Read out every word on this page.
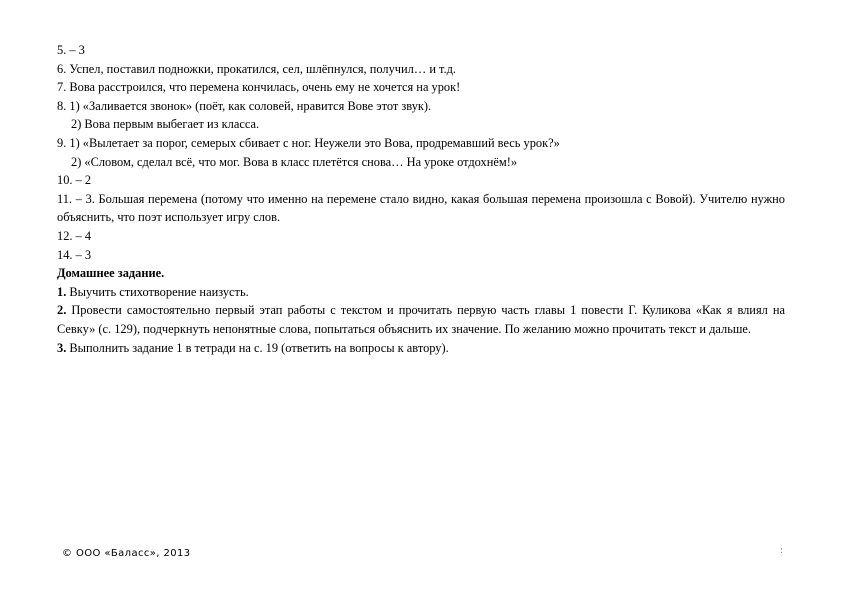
5. – 3
6. Успел, поставил подножки, прокатился, сел, шлёпнулся, получил… и т.д.
7. Вова расстроился, что перемена кончилась, очень ему не хочется на урок!
8. 1) «Заливается звонок» (поёт, как соловей, нравится Вове этот звук).
2) Вова первым выбегает из класса.
9. 1) «Вылетает за порог, семерых сбивает с ног. Неужели это Вова, продремавший весь урок?»
2) «Словом, сделал всё, что мог. Вова в класс плетётся снова… На уроке отдохнём!»
10. – 2
11. – 3. Большая перемена (потому что именно на перемене стало видно, какая большая перемена произошла с Вовой). Учителю нужно объяснить, что поэт использует игру слов.
12. – 4
14. – 3
Домашнее задание.
1. Выучить стихотворение наизусть.
2. Провести самостоятельно первый этап работы с текстом и прочитать первую часть главы 1 повести Г. Куликова «Как я влиял на Севку» (с. 129), подчеркнуть непонятные слова, попытаться объяснить их значение. По желанию можно прочитать текст и дальше.
3. Выполнить задание 1 в тетради на с. 19 (ответить на вопросы к автору).
© ООО «Баласс», 2013	:
